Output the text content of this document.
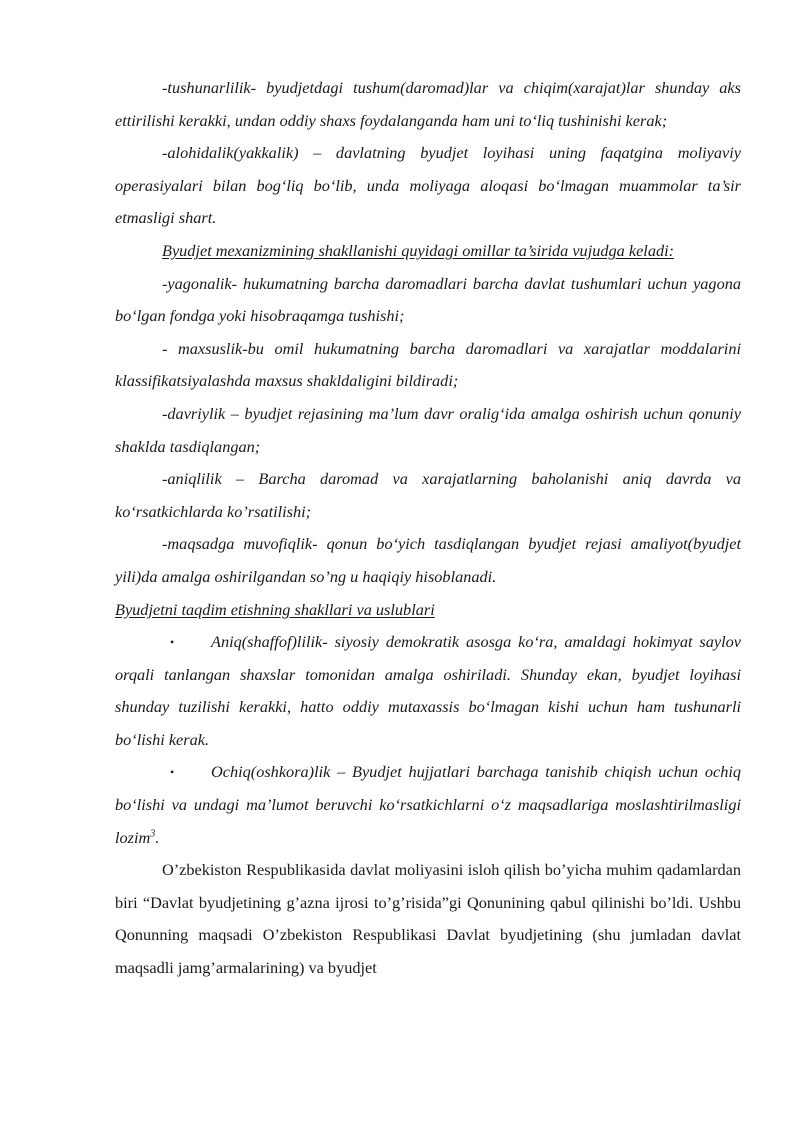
-tushunarlilik- byudjetdagi tushum(daromad)lar va chiqim(xarajat)lar shunday aks ettirilishi kerakki, undan oddiy shaxs foydalanganda ham uni to‘liq tushinishi kerak;

-alohidalik(yakkalik) – davlatning byudjet loyihasi uning faqatgina moliyaviy operasiyalari bilan bog‘liq bo‘lib, unda moliyaga aloqasi bo‘lmagan muammolar ta’sir etmasligi shart.

Byudjet mexanizmining shakllanishi quyidagi omillar ta’sirida vujudga keladi:

-yagonalik- hukumatning barcha daromadlari barcha davlat tushumlari uchun yagona bo‘lgan fondga yoki hisobraqamga tushishi;

- maxsuslik-bu omil hukumatning barcha daromadlari va xarajatlar moddalarini klassifikatsiyalashda maxsus shakldaligini bildiradi;

-davriylik – byudjet rejasining ma’lum davr oralig‘ida amalga oshirish uchun qonuniy shaklda tasdiqlangan;

-aniqlilik – Barcha daromad va xarajatlarning baholanishi aniq davrda va ko‘rsatkichlarda ko’rsatilishi;

-maqsadga muvofiqlik- qonun bo‘yich tasdiqlangan byudjet rejasi amaliyot(byudjet yili)da amalga oshirilgandan so’ng u haqiqiy hisoblanadi.

Byudjetni taqdim etishning shakllari va uslublari

• Aniq(shaffof)lilik- siyosiy demokratik asosga ko‘ra, amaldagi hokimyat saylov orqali tanlangan shaxslar tomonidan amalga oshiriladi. Shunday ekan, byudjet loyihasi shunday tuzilishi kerakki, hatto oddiy mutaxassis bo‘lmagan kishi uchun ham tushunarli bo‘lishi kerak.

• Ochiq(oshkora)lik – Byudjet hujjatlari barchaga tanishib chiqish uchun ochiq bo‘lishi va undagi ma’lumot beruvchi ko‘rsatkichlarni o‘z maqsadlariga moslashtirilmasligi lozim$^3$.

O’zbekiston Respublikasida davlat moliyasini isloh qilish bo’yicha muhim qadamlardan biri “Davlat byudjetining g’azna ijrosi to’g’risida”gi Qonunining qabul qilinishi bo’ldi. Ushbu Qonunning maqsadi O’zbekiston Respublikasi Davlat byudjetining (shu jumladan davlat maqsadli jamg’armalarining) va byudjet
